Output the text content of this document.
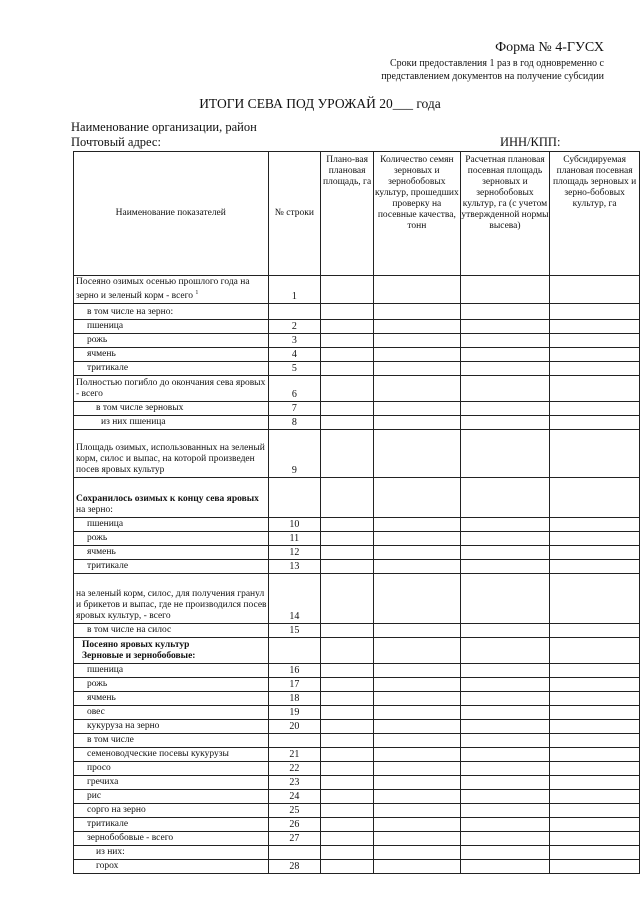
Форма № 4-ГУСХ
Сроки предоставления 1 раз в год одновременно с
представлением документов на получение субсидии
ИТОГИ СЕВА ПОД УРОЖАЙ 20___ года
Наименование организации, район
Почтовый адрес:	ИНН/КПП:
Наименование показателей	№ строки	Плано-вая плановая площадь, га	Количество семян зерновых и зернобобовых культур, прошедших проверку на посевные качества, тонн	Расчетная плановая посевная площадь зерновых и зернобобовых культур, га (с учетом утвержденной нормы высева)	Субсидируемая плановая посевная площадь зерновых и зерно-бобовых культур, га
Посеяно озимых осенью прошлого года на зерно и зеленый корм - всего $^1$	1				
в том числе на зерно:					
пшеница	2				
рожь	3				
ячмень	4				
тритикале	5				
Полностью погибло до окончания сева яровых - всего	6				
в том числе зерновых	7				
из них пшеница	8				
Площадь озимых, использованных на зеленый корм, силос и выпас, на которой произведен посев яровых культур	9				

Сохранилось озимых к концу сева яровых
на зерно:					

пшеница	10				
рожь	11				
ячмень	12				
тритикале	13				
на зеленый корм, силос, для получения гранул и брикетов и выпас, где не производился посев яровых культур, - всего	14				
в том числе на силос	15				

Посеяно яровых культур
Зерновые и зернобобовые:					

пшеница	16				
рожь	17				
ячмень	18				
овес	19				
кукуруза на зерно	20				
в том числе					
семеноводческие посевы кукурузы	21				
просо	22				
гречиха	23				
рис	24				
сорго на зерно	25				
тритикале	26				
зернобобовые - всего	27				
из них:					
горох	28				
